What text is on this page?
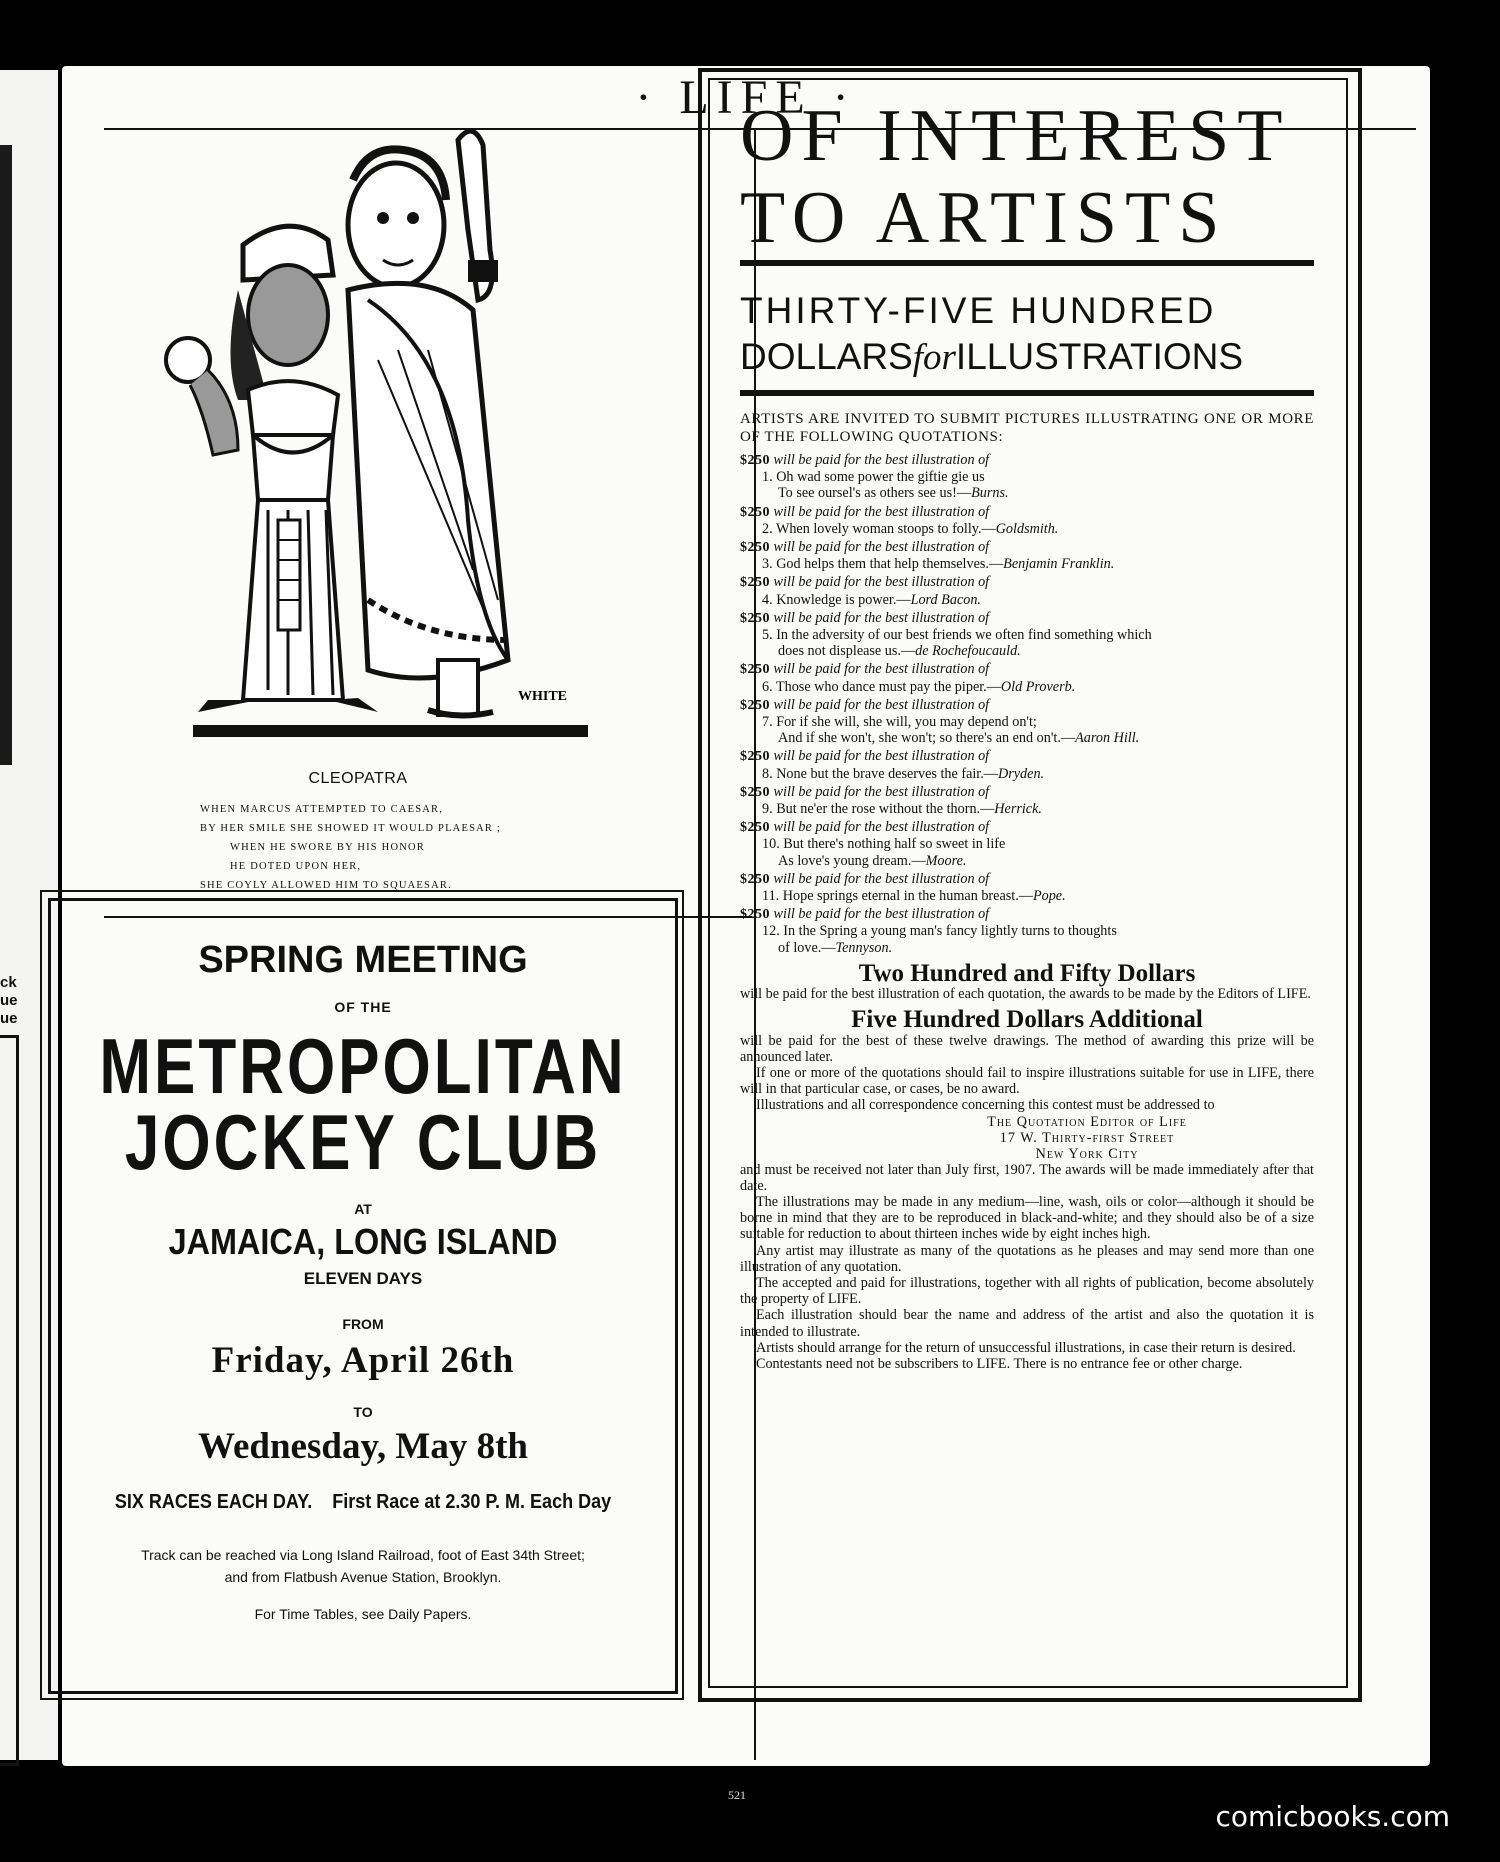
ck
ue
ue
· LIFE ·
WHITE
CLEOPATRA
WHEN MARCUS ATTEMPTED TO CAESAR,
BY HER SMILE SHE SHOWED IT WOULD PLAESAR ;
WHEN HE SWORE BY HIS HONOR
HE DOTED UPON HER,
SHE COYLY ALLOWED HIM TO SQUAESAR.
SPRING MEETING
OF THE
METROPOLITAN
JOCKEY CLUB
AT
JAMAICA, LONG ISLAND
ELEVEN DAYS
FROM
Friday, April 26th
TO
Wednesday, May 8th
SIX RACES EACH DAY. First Race at 2.30 P. M. Each Day
Track can be reached via Long Island Railroad, foot of East 34th Street;
and from Flatbush Avenue Station, Brooklyn.
For Time Tables, see Daily Papers.
OF INTEREST
TO ARTISTS
THIRTY-FIVE HUNDRED
DOLLARSforILLUSTRATIONS
ARTISTS ARE INVITED TO SUBMIT PICTURES ILLUSTRATING ONE OR MORE OF THE FOLLOWING QUOTATIONS:
$250 will be paid for the best illustration of
1. Oh wad some power the giftie gie us
To see oursel's as others see us!—Burns.
$250 will be paid for the best illustration of
2. When lovely woman stoops to folly.—Goldsmith.
$250 will be paid for the best illustration of
3. God helps them that help themselves.—Benjamin Franklin.
$250 will be paid for the best illustration of
4. Knowledge is power.—Lord Bacon.
$250 will be paid for the best illustration of
5. In the adversity of our best friends we often find something which
does not displease us.—de Rochefoucauld.
$250 will be paid for the best illustration of
6. Those who dance must pay the piper.—Old Proverb.
$250 will be paid for the best illustration of
7. For if she will, she will, you may depend on't;
And if she won't, she won't; so there's an end on't.—Aaron Hill.
$250 will be paid for the best illustration of
8. None but the brave deserves the fair.—Dryden.
$250 will be paid for the best illustration of
9. But ne'er the rose without the thorn.—Herrick.
$250 will be paid for the best illustration of
10. But there's nothing half so sweet in life
As love's young dream.—Moore.
$250 will be paid for the best illustration of
11. Hope springs eternal in the human breast.—Pope.
$250 will be paid for the best illustration of
12. In the Spring a young man's fancy lightly turns to thoughts
of love.—Tennyson.
Two Hundred and Fifty Dollars
will be paid for the best illustration of each quotation, the awards to be made by the Editors of LIFE.
Five Hundred Dollars Additional
will be paid for the best of these twelve drawings. The method of awarding this prize will be announced later.
If one or more of the quotations should fail to inspire illustrations suitable for use in LIFE, there will in that particular case, or cases, be no award.
Illustrations and all correspondence concerning this contest must be addressed to
The Quotation Editor of Life
17 W. Thirty-first Street
New York City
and must be received not later than July first, 1907. The awards will be made immediately after that date.
The illustrations may be made in any medium—line, wash, oils or color—although it should be borne in mind that they are to be reproduced in black-and-white; and they should also be of a size suitable for reduction to about thirteen inches wide by eight inches high.
Any artist may illustrate as many of the quotations as he pleases and may send more than one illustration of any quotation.
The accepted and paid for illustrations, together with all rights of publication, become absolutely the property of LIFE.
Each illustration should bear the name and address of the artist and also the quotation it is intended to illustrate.
Artists should arrange for the return of unsuccessful illustrations, in case their return is desired.
Contestants need not be subscribers to LIFE. There is no entrance fee or other charge.
521
comicbooks.com
